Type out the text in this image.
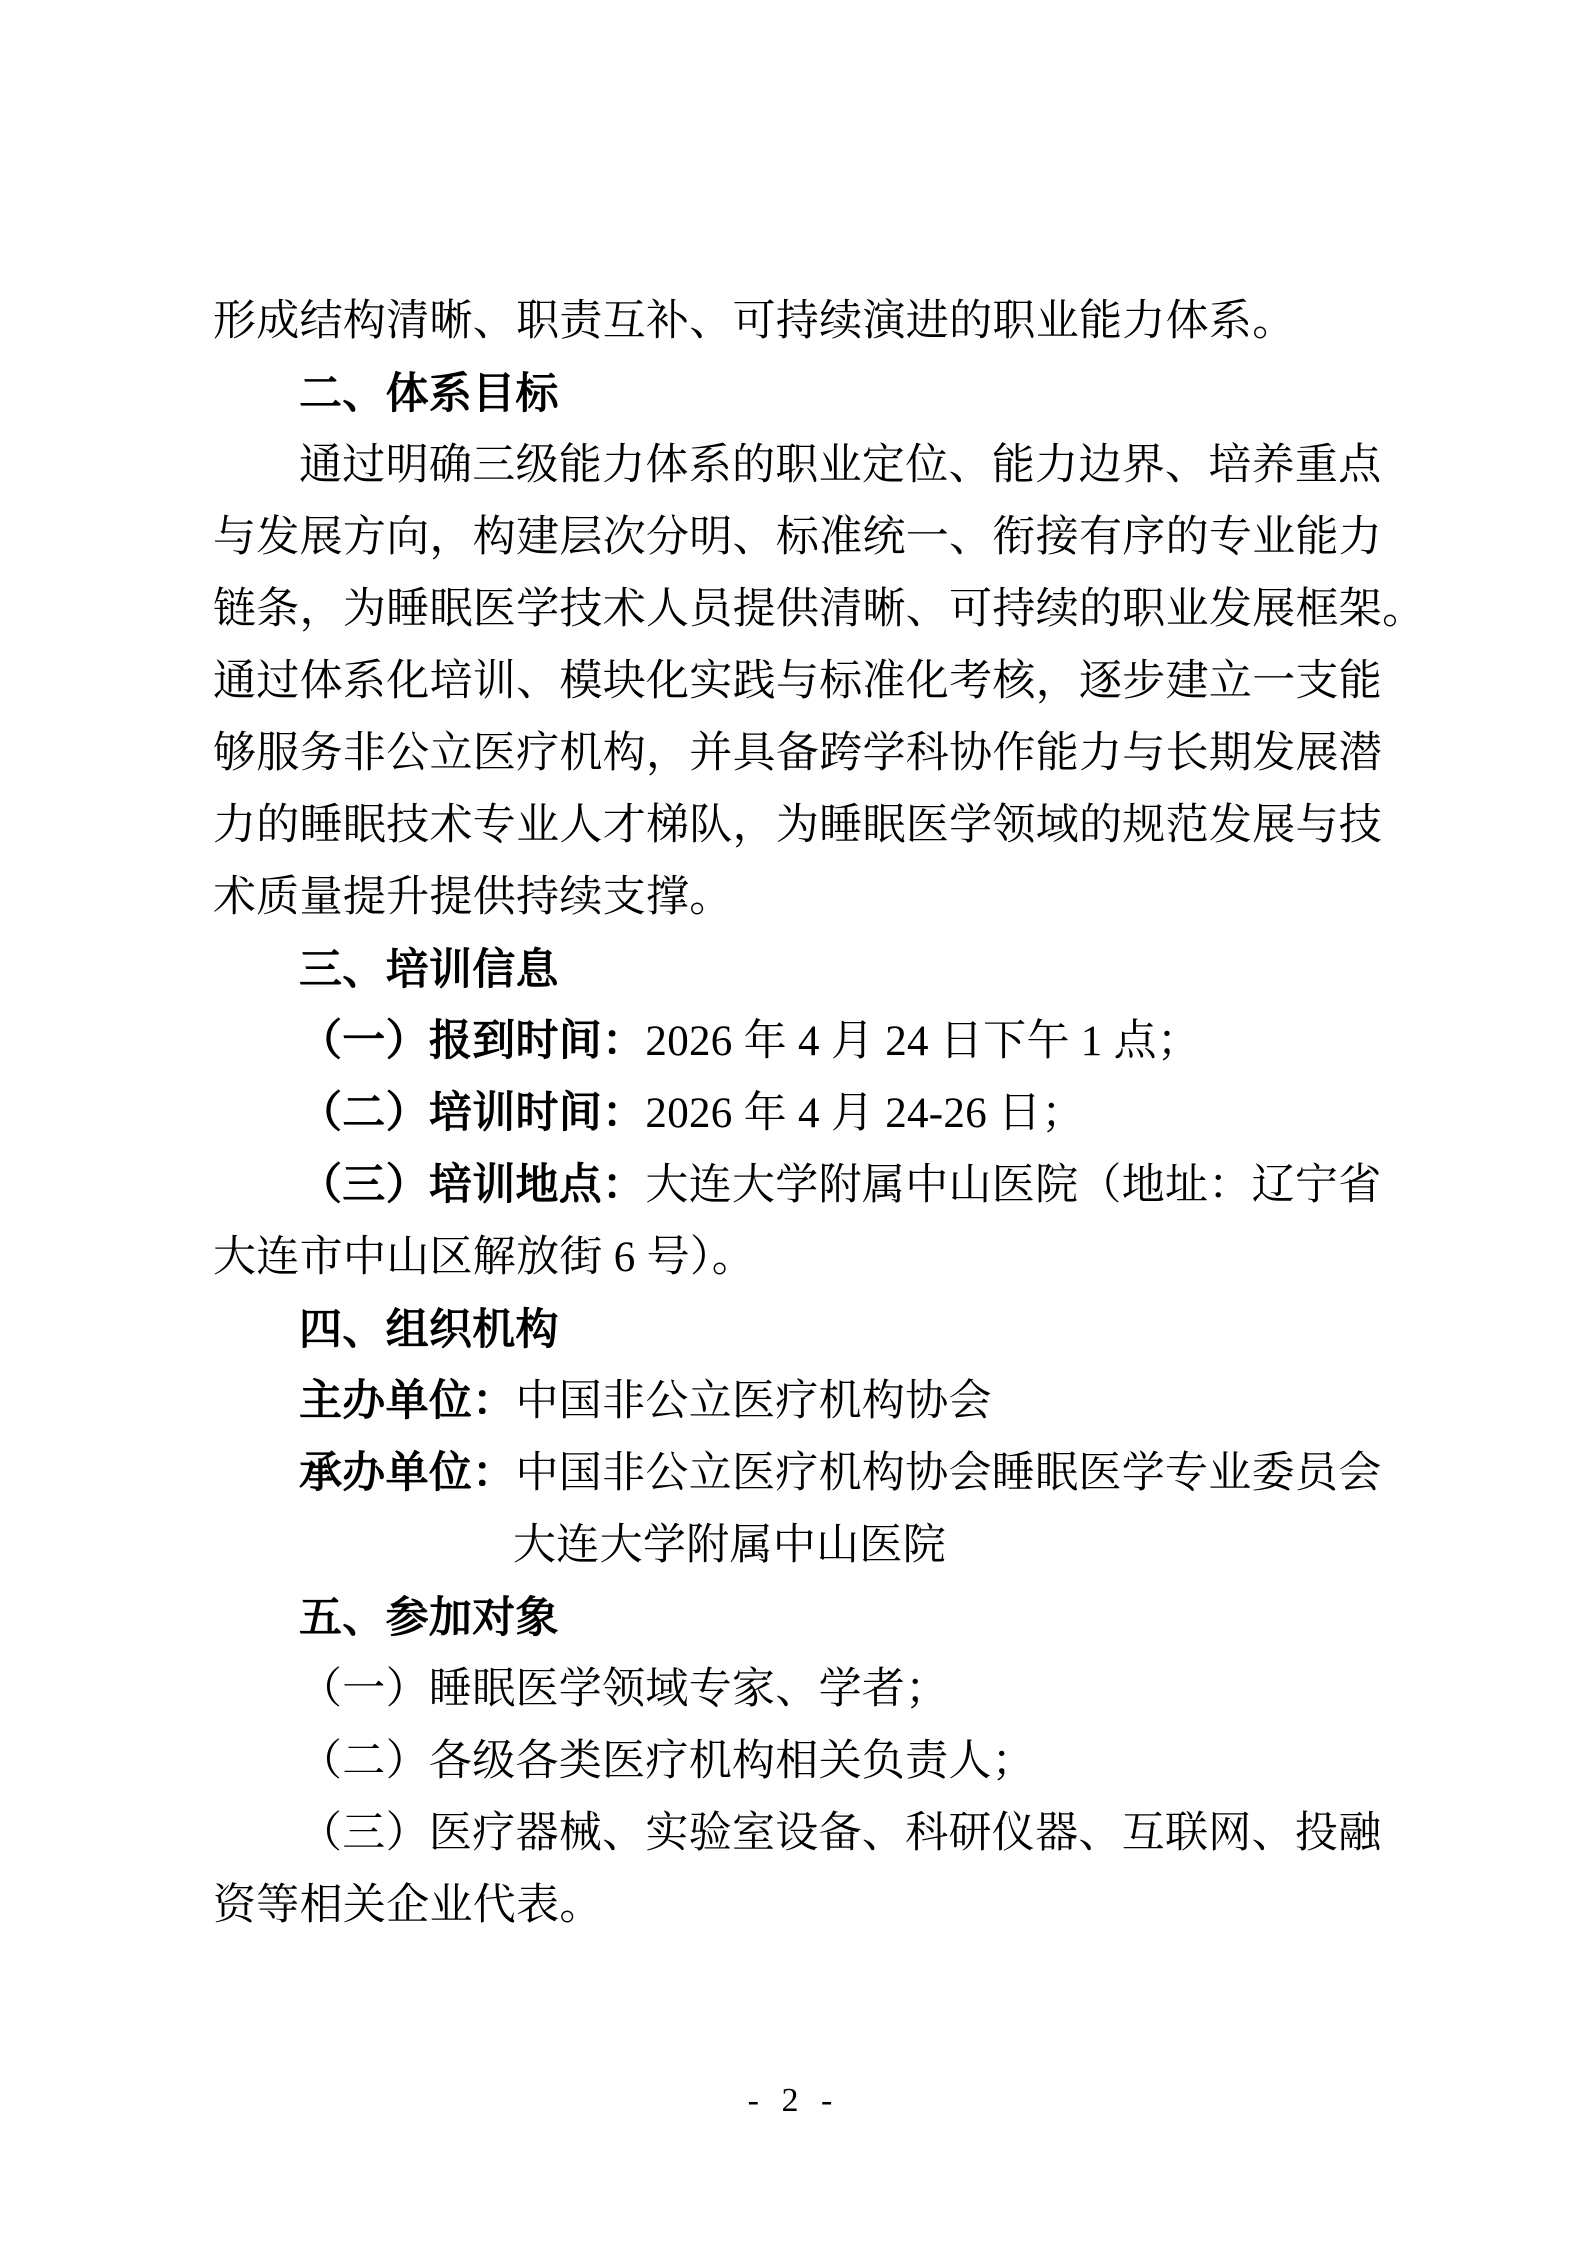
形成结构清晰、职责互补、可持续演进的职业能力体系。
二、体系目标
通过明确三级能力体系的职业定位、能力边界、培养重点
与发展方向，构建层次分明、标准统一、衔接有序的专业能力
链条，为睡眠医学技术人员提供清晰、可持续的职业发展框架。
通过体系化培训、模块化实践与标准化考核，逐步建立一支能
够服务非公立医疗机构，并具备跨学科协作能力与长期发展潜
力的睡眠技术专业人才梯队，为睡眠医学领域的规范发展与技
术质量提升提供持续支撑。
三、培训信息
（一）报到时间：2026 年 4 月 24 日下午 1 点；
（二）培训时间：2026 年 4 月 24-26 日；
（三）培训地点：大连大学附属中山医院（地址：辽宁省
大连市中山区解放街 6 号）。
四、组织机构
主办单位：中国非公立医疗机构协会
承办单位：中国非公立医疗机构协会睡眠医学专业委员会
大连大学附属中山医院
五、参加对象
（一）睡眠医学领域专家、学者；
（二）各级各类医疗机构相关负责人；
（三）医疗器械、实验室设备、科研仪器、互联网、投融
资等相关企业代表。
- 2 -
